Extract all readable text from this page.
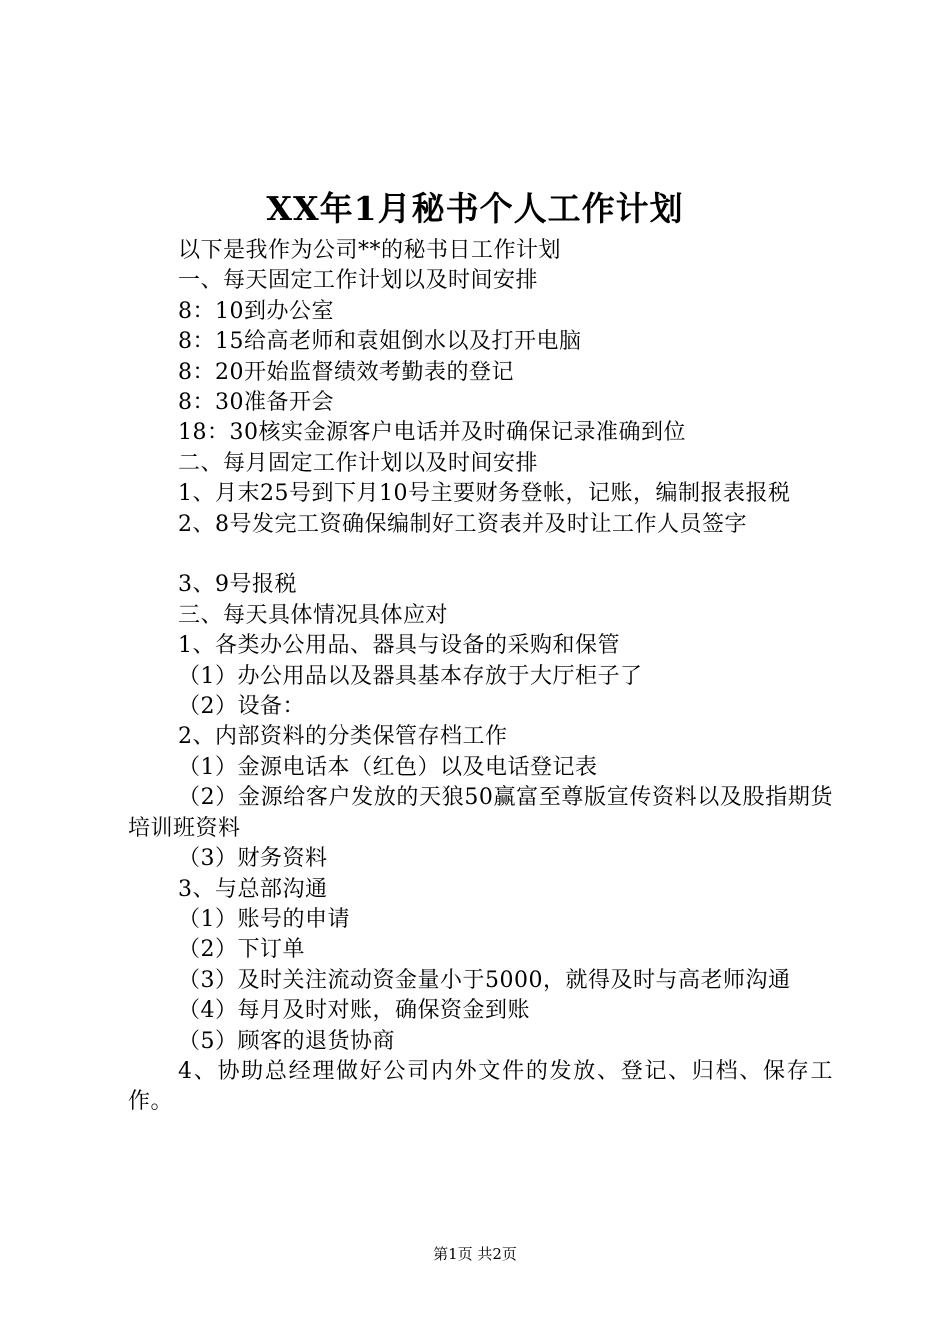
XX年1月秘书个人工作计划

以下是我作为公司**的秘书日工作计划

一、每天固定工作计划以及时间安排

8：10到办公室

8：15给高老师和袁姐倒水以及打开电脑

8：20开始监督绩效考勤表的登记

8：30准备开会

18：30核实金源客户电话并及时确保记录准确到位

二、每月固定工作计划以及时间安排

1、月末25号到下月10号主要财务登帐，记账，编制报表报税

2、8号发完工资确保编制好工资表并及时让工作人员签字

3、9号报税

三、每天具体情况具体应对

1、各类办公用品、器具与设备的采购和保管

（1）办公用品以及器具基本存放于大厅柜子了

（2）设备：

2、内部资料的分类保管存档工作

（1）金源电话本（红色）以及电话登记表

（2）金源给客户发放的天狼50赢富至尊版宣传资料以及股指期货培训班资料

（3）财务资料

3、与总部沟通

（1）账号的申请

（2）下订单

（3）及时关注流动资金量小于5000，就得及时与高老师沟通

（4）每月及时对账，确保资金到账

（5）顾客的退货协商

4、协助总经理做好公司内外文件的发放、登记、归档、保存工作。

第1页 共2页
